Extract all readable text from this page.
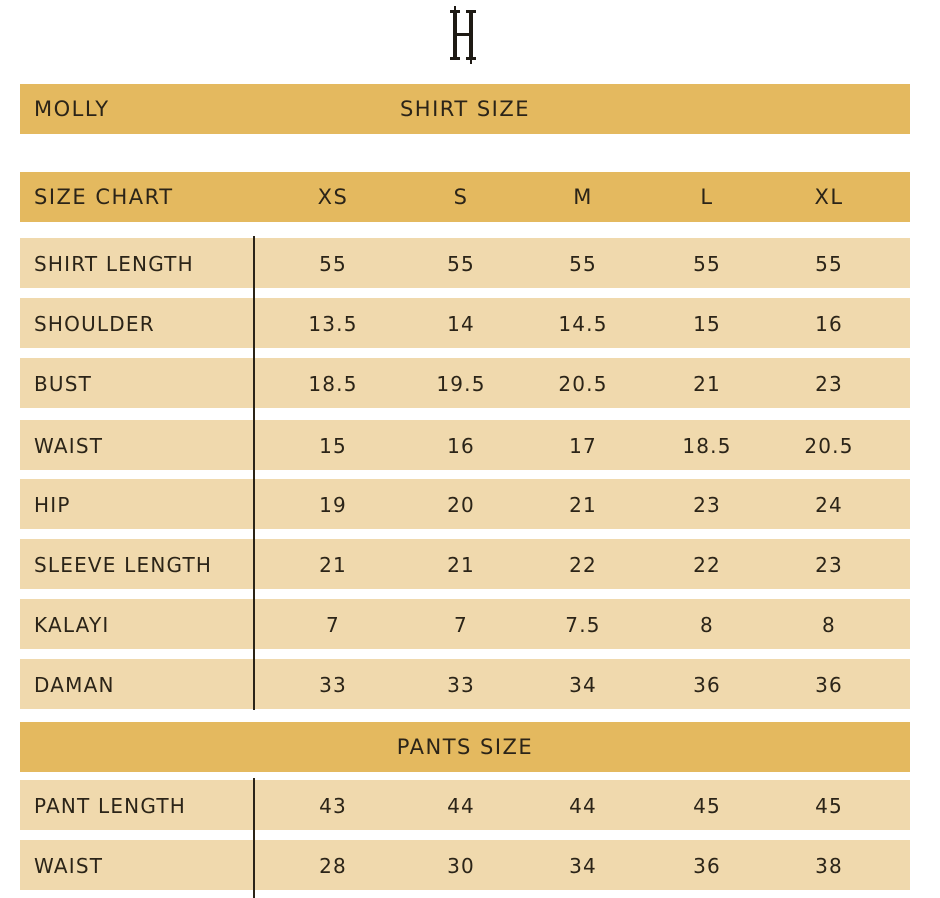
MOLLY	SHIRT SIZE
SIZE CHART	XS	S	M	L	XL
SHIRT LENGTH	55	55	55	55	55
SHOULDER	13.5	14	14.5	15	16
BUST	18.5	19.5	20.5	21	23
WAIST	15	16	17	18.5	20.5
HIP	19	20	21	23	24
SLEEVE LENGTH	21	21	22	22	23
KALAYI	7	7	7.5	8	8
DAMAN	33	33	34	36	36
PANTS SIZE
PANT LENGTH	43	44	44	45	45
WAIST	28	30	34	36	38
